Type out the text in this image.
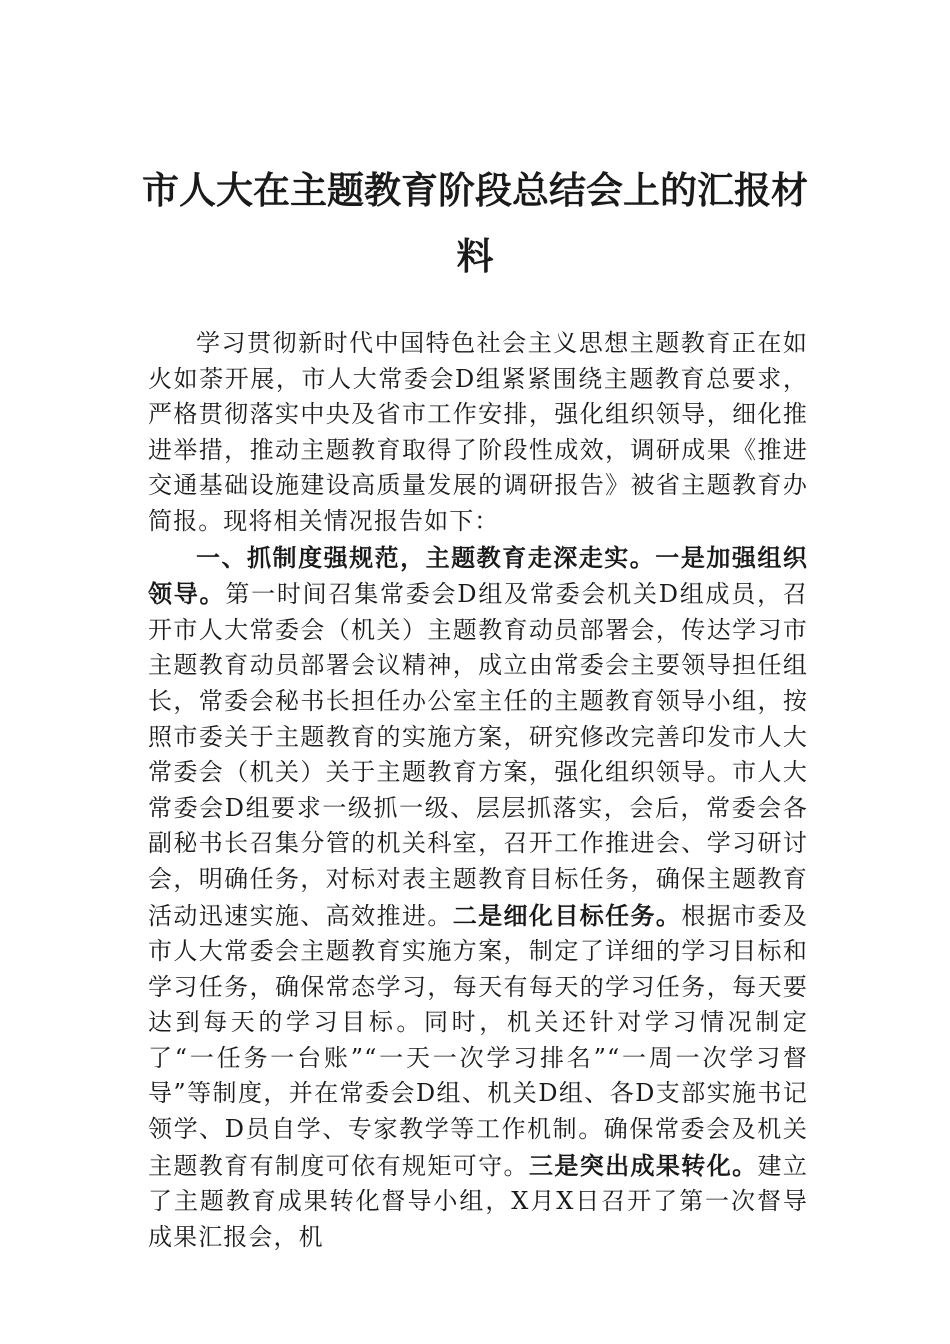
市人大在主题教育阶段总结会上的汇报材
料

学习贯彻新时代中国特色社会主义思想主题教育正在如火如荼开展，市人大常委会D组紧紧围绕主题教育总要求，严格贯彻落实中央及省市工作安排，强化组织领导，细化推进举措，推动主题教育取得了阶段性成效，调研成果《推进交通基础设施建设高质量发展的调研报告》被省主题教育办简报。现将相关情况报告如下：

一、抓制度强规范，主题教育走深走实。一是加强组织领导。第一时间召集常委会D组及常委会机关D组成员，召开市人大常委会（机关）主题教育动员部署会，传达学习市主题教育动员部署会议精神，成立由常委会主要领导担任组长，常委会秘书长担任办公室主任的主题教育领导小组，按照市委关于主题教育的实施方案，研究修改完善印发市人大常委会（机关）关于主题教育方案，强化组织领导。市人大常委会D组要求一级抓一级、层层抓落实，会后，常委会各副秘书长召集分管的机关科室，召开工作推进会、学习研讨会，明确任务，对标对表主题教育目标任务，确保主题教育活动迅速实施、高效推进。二是细化目标任务。根据市委及市人大常委会主题教育实施方案，制定了详细的学习目标和学习任务，确保常态学习，每天有每天的学习任务，每天要达到每天的学习目标。同时，机关还针对学习情况制定了“一任务一台账”“一天一次学习排名”“一周一次学习督导”等制度，并在常委会D组、机关D组、各D支部实施书记领学、D员自学、专家教学等工作机制。确保常委会及机关主题教育有制度可依有规矩可守。三是突出成果转化。建立了主题教育成果转化督导小组，X月X日召开了第一次督导成果汇报会，机
